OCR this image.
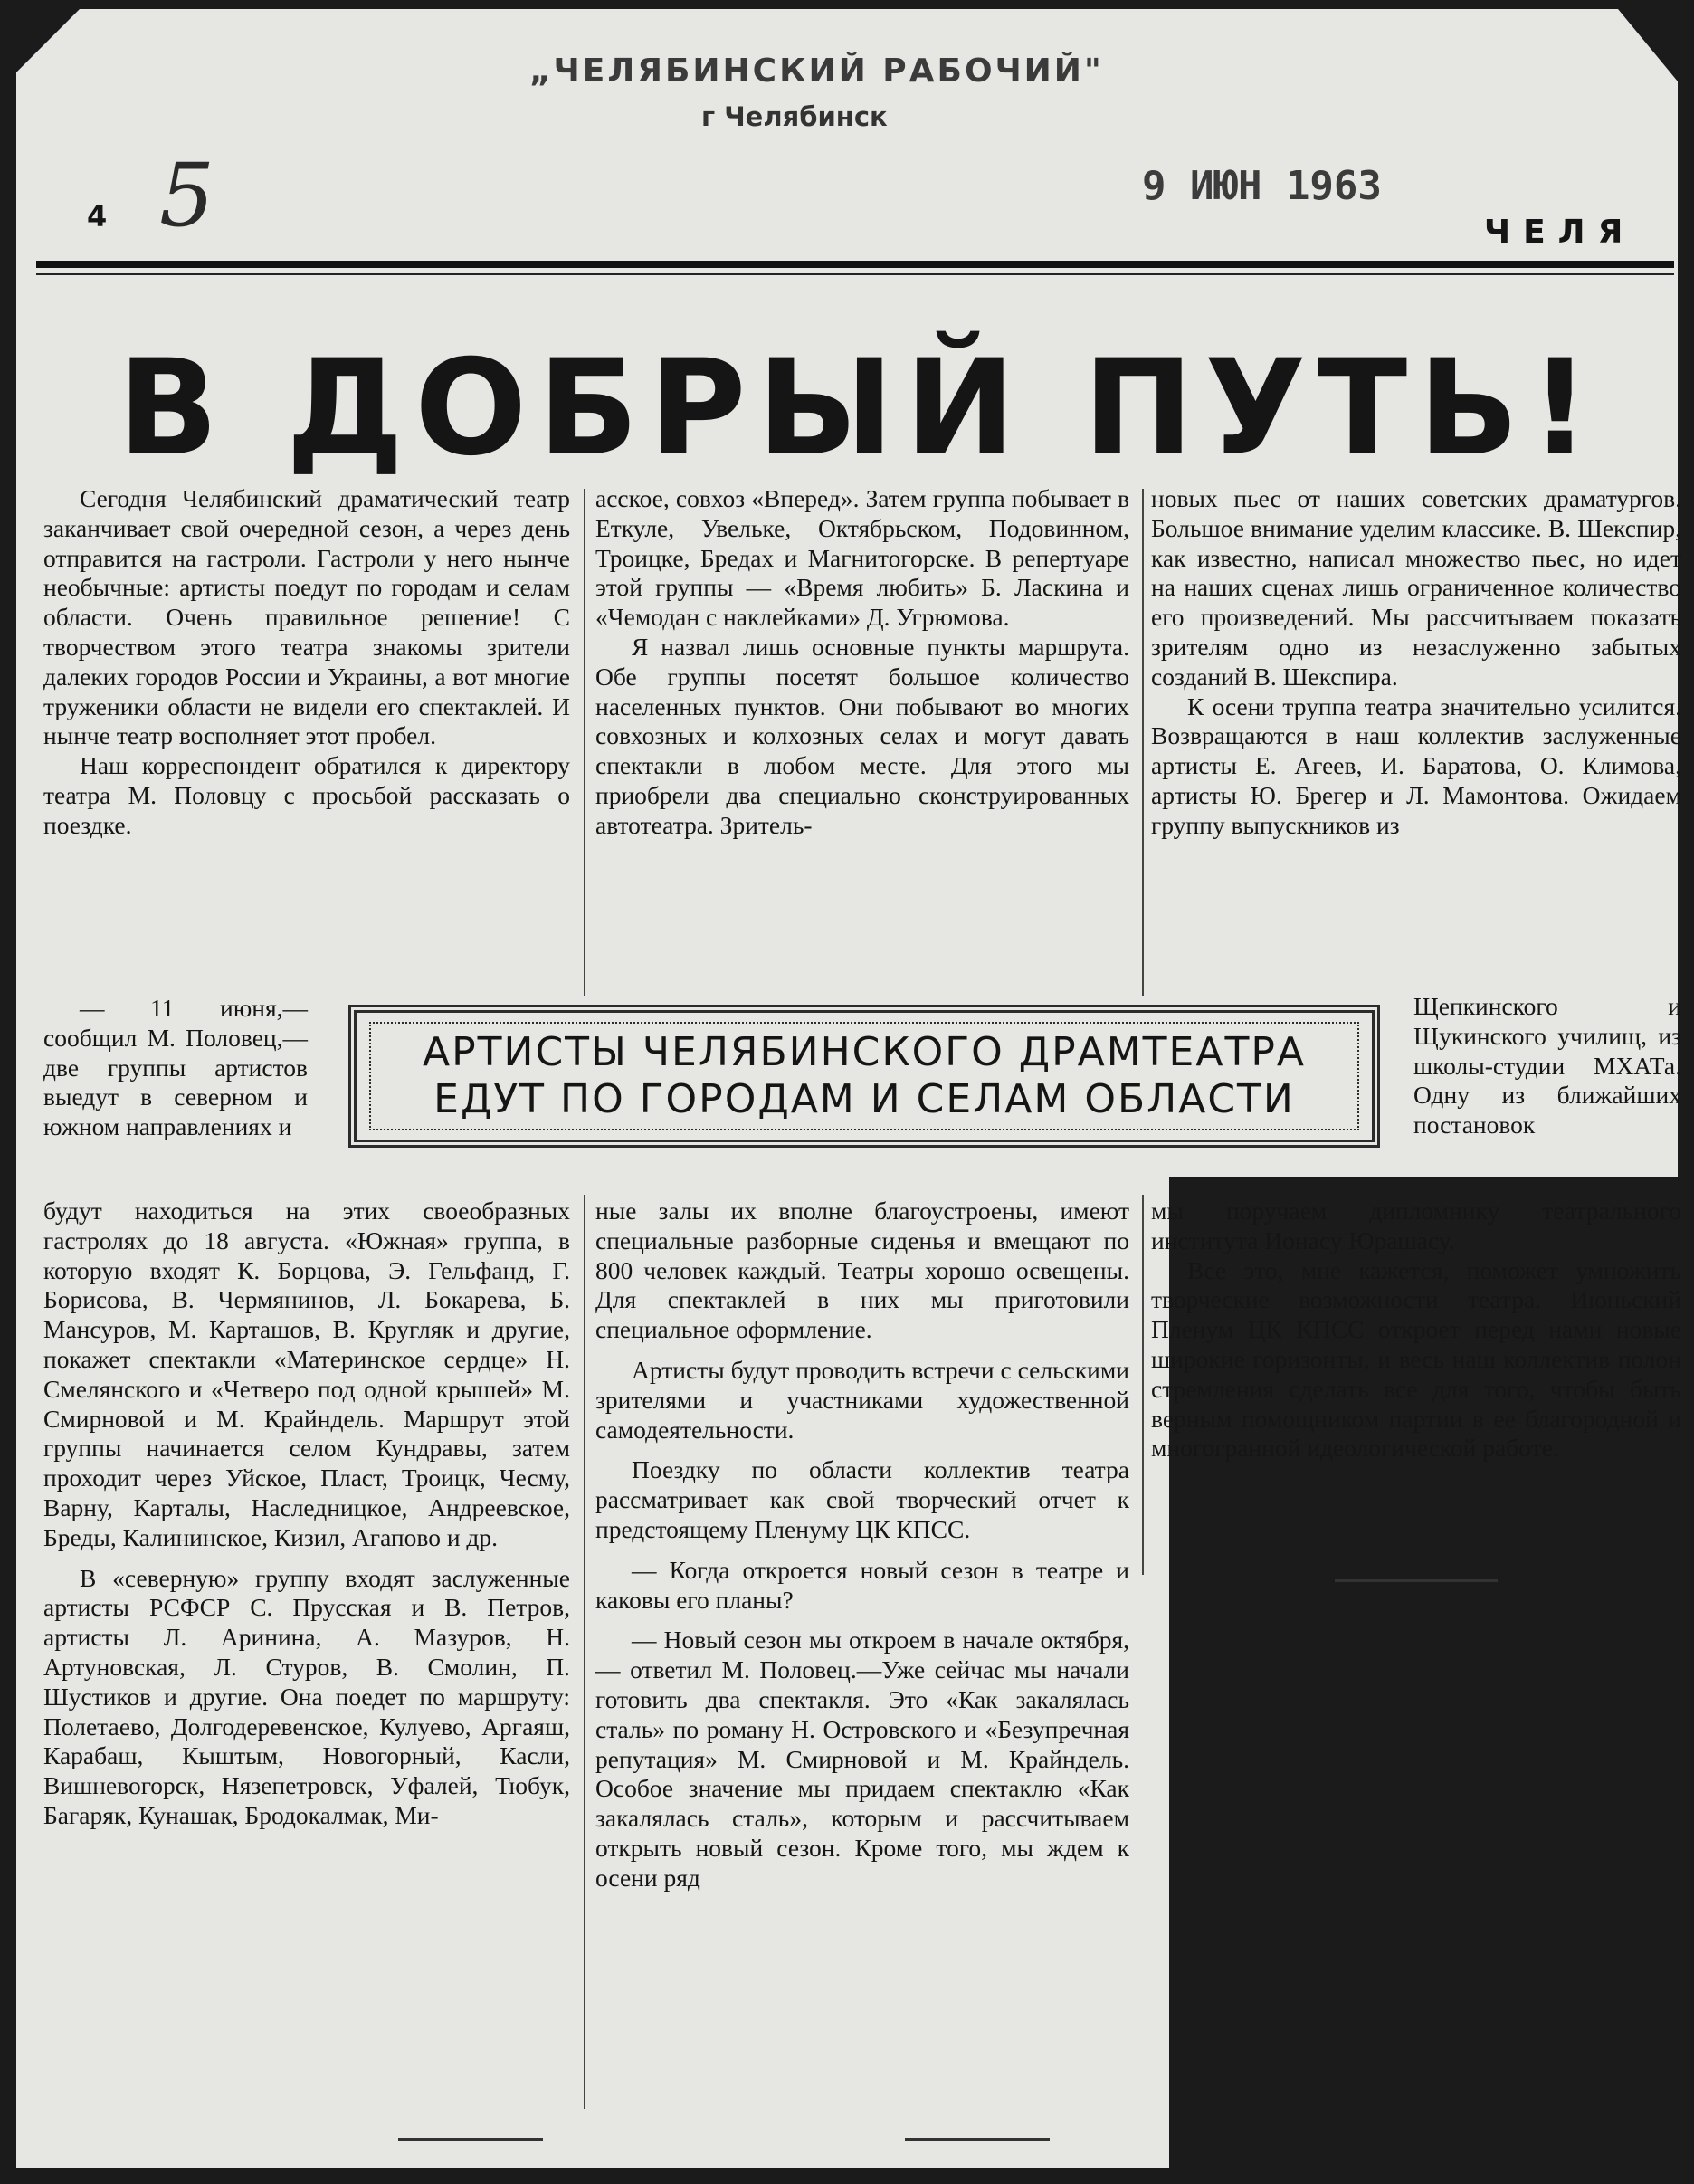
„ЧЕЛЯБИНСКИЙ РАБОЧИЙ"
г Челябинск
4 5	9 ИЮН 1963
ЧЕЛЯ
В ДОБРЫЙ ПУТЬ!

Сегодня Челябинский драматический театр заканчивает свой очередной сезон, а через день отправится на гастроли. Гастроли у него нынче необычные: артисты поедут по городам и селам области. Очень правильное решение! С творчеством этого театра знакомы зрители далеких городов России и Украины, а вот многие труженики области не видели его спектаклей. И нынче театр восполняет этот пробел.

Наш корреспондент обратился к директору театра М. Половцу с просьбой рассказать о поездке.

— 11 июня,— сообщил М. Половец,—две группы артистов выедут в северном и южном направлениях и

будут находиться на этих своеобразных гастролях до 18 августа. «Южная» группа, в которую входят К. Борцова, Э. Гельфанд, Г. Борисова, В. Чермянинов, Л. Бокарева, Б. Мансуров, М. Карташов, В. Кругляк и другие, покажет спектакли «Материнское сердце» Н. Смелянского и «Четверо под одной крышей» М. Смирновой и М. Крайндель. Маршрут этой группы начинается селом Кундравы, затем проходит через Уйское, Пласт, Троицк, Чесму, Варну, Карталы, Наследницкое, Андреевское, Бреды, Калининское, Кизил, Агапово и др.

В «северную» группу входят заслуженные артисты РСФСР С. Прусская и В. Петров, артисты Л. Аринина, А. Мазуров, Н. Артуновская, Л. Стуров, В. Смолин, П. Шустиков и другие. Она поедет по маршруту: Полетаево, Долгодеревенское, Кулуево, Аргаяш, Карабаш, Кыштым, Новогорный, Касли, Вишневогорск, Нязепетровск, Уфалей, Тюбук, Багаряк, Кунашак, Бродокалмак, Ми-

асское, совхоз «Вперед». Затем группа побывает в Еткуле, Увельке, Октябрьском, Подовинном, Троицке, Бредах и Магнитогорске. В репертуаре этой группы — «Время любить» Б. Ласкина и «Чемодан с наклейками» Д. Угрюмова.

Я назвал лишь основные пункты маршрута. Обе группы посетят большое количество населенных пунктов. Они побывают во многих совхозных и колхозных селах и могут давать спектакли в любом месте. Для этого мы приобрели два специально сконструированных автотеатра. Зритель-

ные залы их вполне благоустроены, имеют специальные разборные сиденья и вмещают по 800 человек каждый. Театры хорошо освещены. Для спектаклей в них мы приготовили специальное оформление.

Артисты будут проводить встречи с сельскими зрителями и участниками художественной самодеятельности.

Поездку по области коллектив театра рассматривает как свой творческий отчет к предстоящему Пленуму ЦК КПСС.

— Когда откроется новый сезон в театре и каковы его планы?

— Новый сезон мы откроем в начале октября, — ответил М. Половец.—Уже сейчас мы начали готовить два спектакля. Это «Как закалялась сталь» по роману Н. Островского и «Безупречная репутация» М. Смирновой и М. Крайндель. Особое значение мы придаем спектаклю «Как закалялась сталь», которым и рассчитываем открыть новый сезон. Кроме того, мы ждем к осени ряд

новых пьес от наших советских драматургов. Большое внимание уделим классике. В. Шекспир, как известно, написал множество пьес, но идет на наших сценах лишь ограниченное количество его произведений. Мы рассчитываем показать зрителям одно из незаслуженно забытых созданий В. Шекспира.

К осени труппа театра значительно усилится. Возвращаются в наш коллектив заслуженные артисты Е. Агеев, И. Баратова, О. Климова, артисты Ю. Брегер и Л. Мамонтова. Ожидаем группу выпускников из

Щепкинского и Щукинского училищ, из школы-студии МХАТа. Одну из ближайших постановок

мы поручаем дипломнику театрального института Ионасу Юрашасу.

Все это, мне кажется, поможет умножить творческие возможности театра. Июньский Пленум ЦК КПСС откроет перед нами новые широкие горизонты, и весь наш коллектив полон стремления сделать все для того, чтобы быть верным помощником партии в ее благородной и многогранной идеологической работе.

АРТИСТЫ ЧЕЛЯБИНСКОГО ДРАМТЕАТРА
ЕДУТ ПО ГОРОДАМ И СЕЛАМ ОБЛАСТИ
